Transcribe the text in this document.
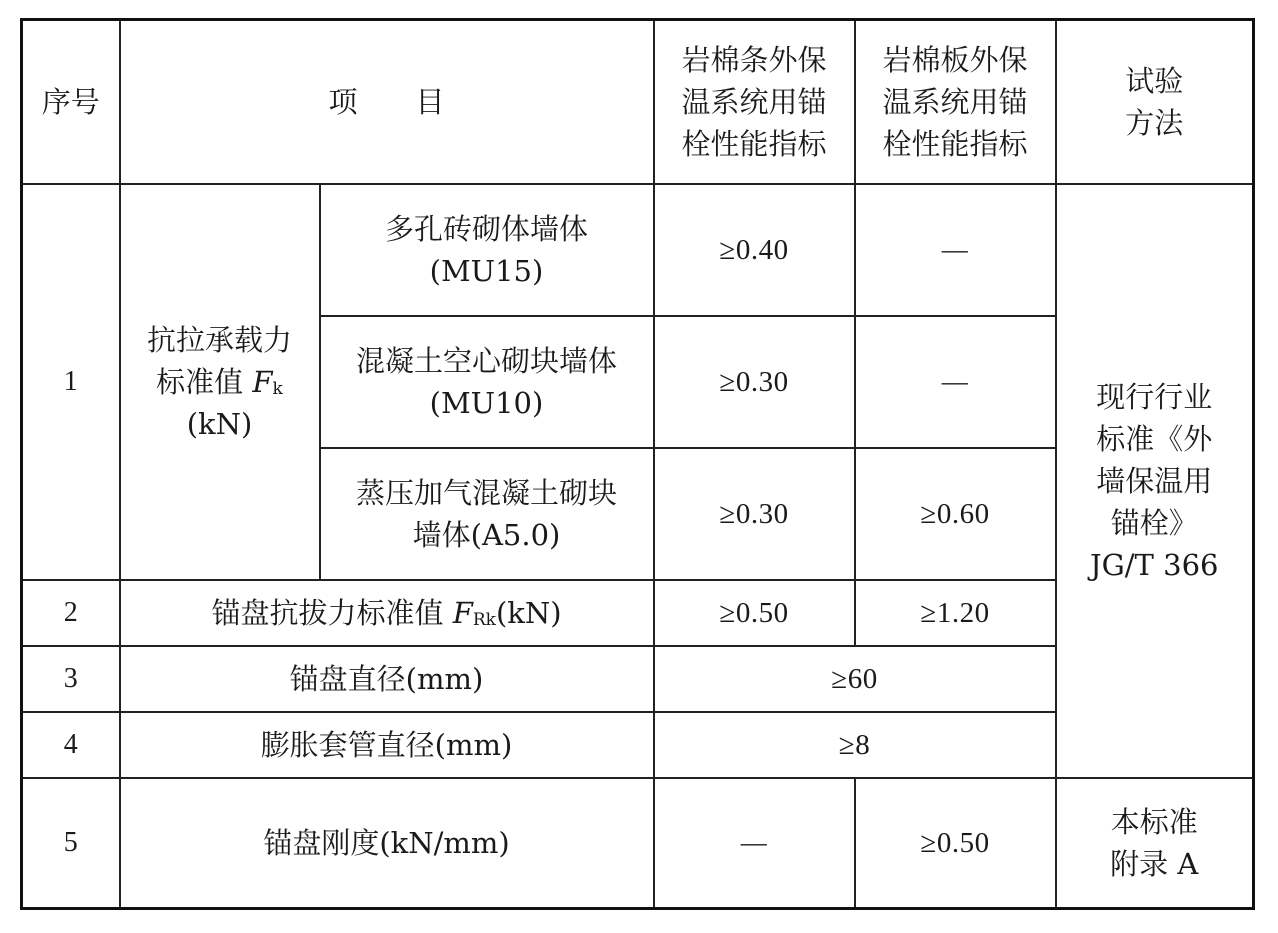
序号	项 目		岩棉条外保
温系统用锚
栓性能指标	岩棉板外保
温系统用锚
栓性能指标	试验
方法

1	抗拉承载力
标准值 $F_k$
(kN)	多孔砖砌体墙体
(MU15)	≥0.40	—	现行行业
标准《外
墙保温用
锚栓》
JG/T 366

		混凝土空心砌块墙体
(MU10)	≥0.30	—	

		蒸压加气混凝土砌块
墙体(A5.0)	≥0.30	≥0.60	
2	锚盘抗拔力标准值 $F_{Rk}(kN)$		≥0.50	≥1.20	
3	锚盘直径(mm)		≥60		
4	膨胀套管直径(mm)		≥8		
5	锚盘刚度(kN/mm)		—	≥0.50	本标准
附录 A
